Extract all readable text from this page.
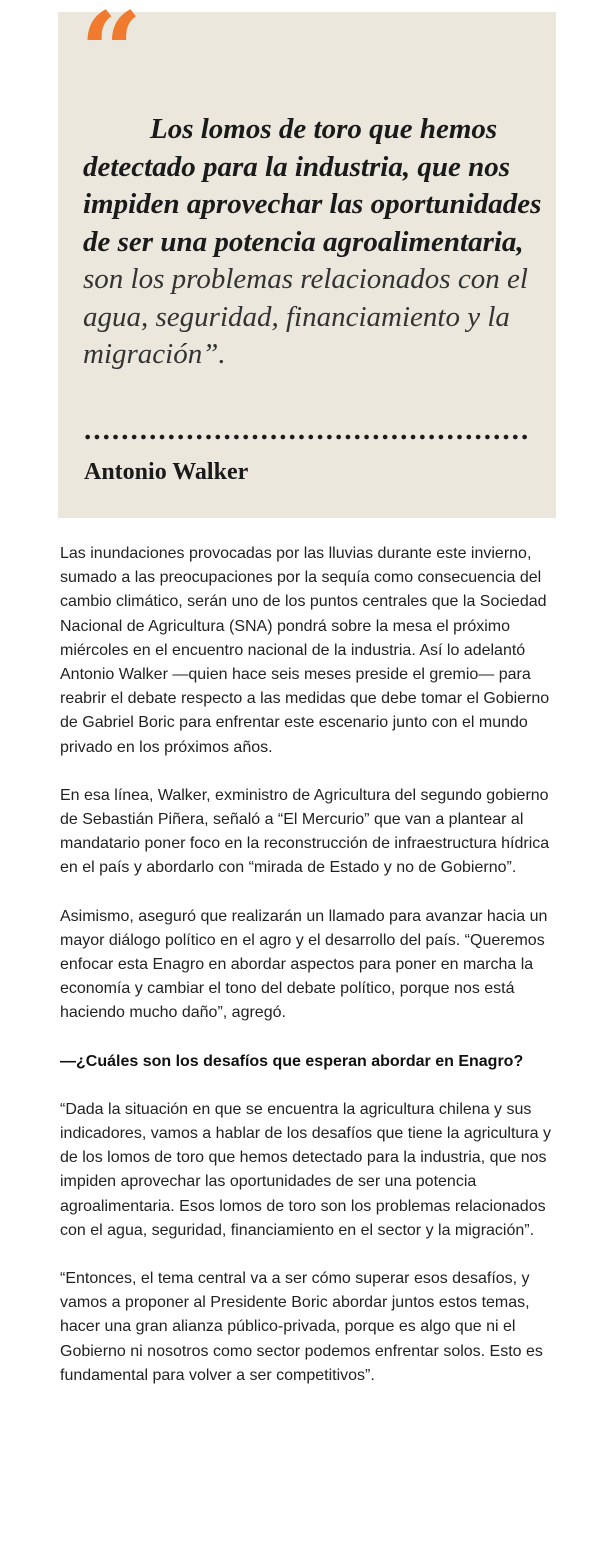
“

Los lomos de toro que hemos detectado para la industria, que nos impiden aprovechar las oportunidades de ser una potencia agroalimentaria, son los problemas relacionados con el agua, seguridad, financiamiento y la migración”.

Antonio Walker

Las inundaciones provocadas por las lluvias durante este invierno, sumado a las preocupaciones por la sequía como consecuencia del cambio climático, serán uno de los puntos centrales que la Sociedad Nacional de Agricultura (SNA) pondrá sobre la mesa el próximo miércoles en el encuentro nacional de la industria. Así lo adelantó Antonio Walker —quien hace seis meses preside el gremio— para reabrir el debate respecto a las medidas que debe tomar el Gobierno de Gabriel Boric para enfrentar este escenario junto con el mundo privado en los próximos años.

En esa línea, Walker, exministro de Agricultura del segundo gobierno de Sebastián Piñera, señaló a “El Mercurio” que van a plantear al mandatario poner foco en la reconstrucción de infraestructura hídrica en el país y abordarlo con “mirada de Estado y no de Gobierno”.

Asimismo, aseguró que realizarán un llamado para avanzar hacia un mayor diálogo político en el agro y el desarrollo del país. “Queremos enfocar esta Enagro en abordar aspectos para poner en marcha la economía y cambiar el tono del debate político, porque nos está haciendo mucho daño”, agregó.

—¿Cuáles son los desafíos que esperan abordar en Enagro?

“Dada la situación en que se encuentra la agricultura chilena y sus indicadores, vamos a hablar de los desafíos que tiene la agricultura y de los lomos de toro que hemos detectado para la industria, que nos impiden aprovechar las oportunidades de ser una potencia agroalimentaria. Esos lomos de toro son los problemas relacionados con el agua, seguridad, financiamiento en el sector y la migración”.

“Entonces, el tema central va a ser cómo superar esos desafíos, y vamos a proponer al Presidente Boric abordar juntos estos temas, hacer una gran alianza público-privada, porque es algo que ni el Gobierno ni nosotros como sector podemos enfrentar solos. Esto es fundamental para volver a ser competitivos”.
